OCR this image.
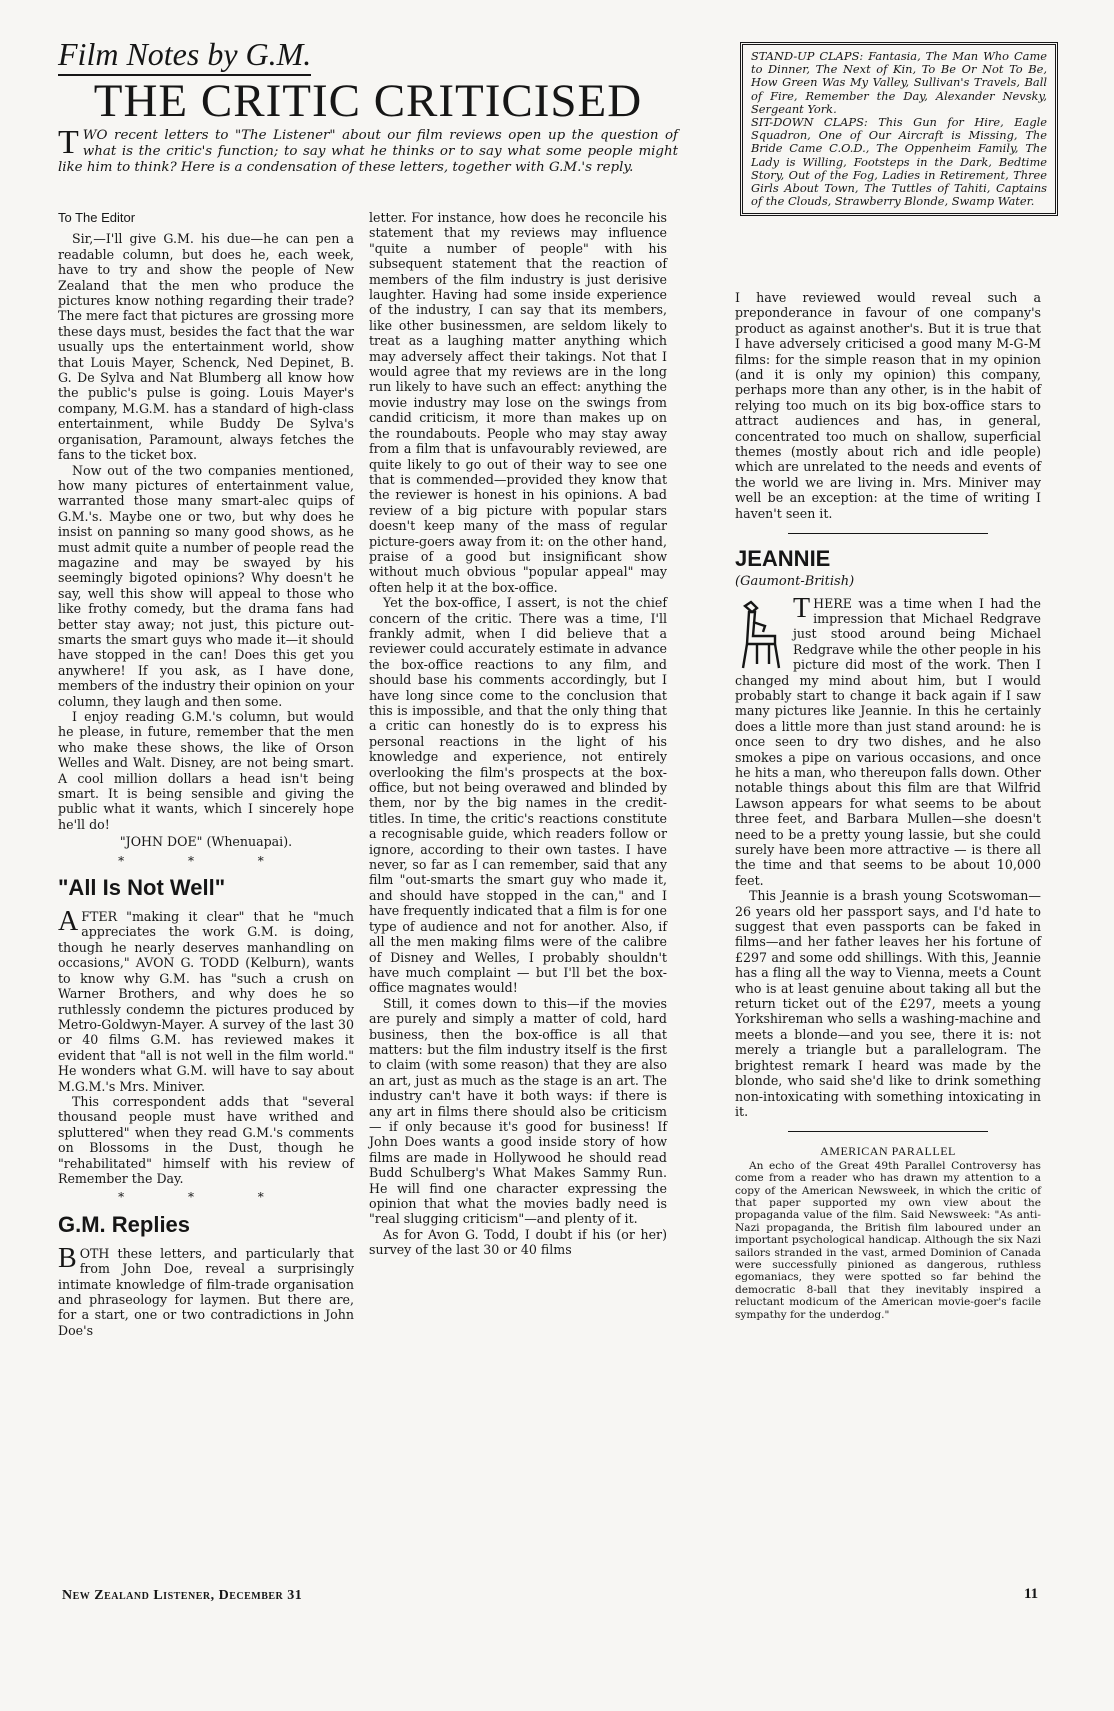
Film Notes by G.M.
THE CRITIC CRITICISED
TWO recent letters to "The Listener" about our film reviews open up the question of what is the critic's function; to say what he thinks or to say what some people might like him to think? Here is a condensation of these letters, together with G.M.'s reply.
To The Editor

Sir,—I'll give G.M. his due—he can pen a readable column, but does he, each week, have to try and show the people of New Zealand that the men who produce the pictures know nothing regarding their trade? The mere fact that pictures are grossing more these days must, besides the fact that the war usually ups the entertainment world, show that Louis Mayer, Schenck, Ned Depinet, B. G. De Sylva and Nat Blumberg all know how the public's pulse is going. Louis Mayer's company, M.G.M. has a standard of high-class entertainment, while Buddy De Sylva's organisation, Paramount, always fetches the fans to the ticket box.

Now out of the two companies mentioned, how many pictures of entertainment value, warranted those many smart-alec quips of G.M.'s. Maybe one or two, but why does he insist on panning so many good shows, as he must admit quite a number of people read the magazine and may be swayed by his seemingly bigoted opinions? Why doesn't he say, well this show will appeal to those who like frothy comedy, but the drama fans had better stay away; not just, this picture out-smarts the smart guys who made it—it should have stopped in the can! Does this get you anywhere! If you ask, as I have done, members of the industry their opinion on your column, they laugh and then some.

I enjoy reading G.M.'s column, but would he please, in future, remember that the men who make these shows, the like of Orson Welles and Walt. Disney, are not being smart. A cool million dollars a head isn't being smart. It is being sensible and giving the public what it wants, which I sincerely hope he'll do!

"JOHN DOE" (Whenuapai).
* * *
"All Is Not Well"

AFTER "making it clear" that he "much appreciates the work G.M. is doing, though he nearly deserves manhandling on occasions," AVON G. TODD (Kelburn), wants to know why G.M. has "such a crush on Warner Brothers, and why does he so ruthlessly condemn the pictures produced by Metro-Goldwyn-Mayer. A survey of the last 30 or 40 films G.M. has reviewed makes it evident that "all is not well in the film world." He wonders what G.M. will have to say about M.G.M.'s Mrs. Miniver.

This correspondent adds that "several thousand people must have writhed and spluttered" when they read G.M.'s comments on Blossoms in the Dust, though he "rehabilitated" himself with his review of Remember the Day.

* * *
G.M. Replies

BOTH these letters, and particularly that from John Doe, reveal a surprisingly intimate knowledge of film-trade organisation and phraseology for laymen. But there are, for a start, one or two contradictions in John Doe's

letter. For instance, how does he reconcile his statement that my reviews may influence "quite a number of people" with his subsequent statement that the reaction of members of the film industry is just derisive laughter. Having had some inside experience of the industry, I can say that its members, like other businessmen, are seldom likely to treat as a laughing matter anything which may adversely affect their takings. Not that I would agree that my reviews are in the long run likely to have such an effect: anything the movie industry may lose on the swings from candid criticism, it more than makes up on the roundabouts. People who may stay away from a film that is unfavourably reviewed, are quite likely to go out of their way to see one that is commended—provided they know that the reviewer is honest in his opinions. A bad review of a big picture with popular stars doesn't keep many of the mass of regular picture-goers away from it: on the other hand, praise of a good but insignificant show without much obvious "popular appeal" may often help it at the box-office.

Yet the box-office, I assert, is not the chief concern of the critic. There was a time, I'll frankly admit, when I did believe that a reviewer could accurately estimate in advance the box-office reactions to any film, and should base his comments accordingly, but I have long since come to the conclusion that this is impossible, and that the only thing that a critic can honestly do is to express his personal reactions in the light of his knowledge and experience, not entirely overlooking the film's prospects at the box-office, but not being overawed and blinded by them, nor by the big names in the credit-titles. In time, the critic's reactions constitute a recognisable guide, which readers follow or ignore, according to their own tastes. I have never, so far as I can remember, said that any film "out-smarts the smart guy who made it, and should have stopped in the can," and I have frequently indicated that a film is for one type of audience and not for another. Also, if all the men making films were of the calibre of Disney and Welles, I probably shouldn't have much complaint — but I'll bet the box-office magnates would!

Still, it comes down to this—if the movies are purely and simply a matter of cold, hard business, then the box-office is all that matters: but the film industry itself is the first to claim (with some reason) that they are also an art, just as much as the stage is an art. The industry can't have it both ways: if there is any art in films there should also be criticism — if only because it's good for business! If John Does wants a good inside story of how films are made in Hollywood he should read Budd Schulberg's What Makes Sammy Run. He will find one character expressing the opinion that what the movies badly need is "real slugging criticism"—and plenty of it.

As for Avon G. Todd, I doubt if his (or her) survey of the last 30 or 40 films

STAND-UP CLAPS: Fantasia, The Man Who Came to Dinner, The Next of Kin, To Be Or Not To Be, How Green Was My Valley, Sullivan's Travels, Ball of Fire, Remember the Day, Alexander Nevsky, Sergeant York.
SIT-DOWN CLAPS: This Gun for Hire, Eagle Squadron, One of Our Aircraft is Missing, The Bride Came C.O.D., The Oppenheim Family, The Lady is Willing, Footsteps in the Dark, Bedtime Story, Out of the Fog, Ladies in Retirement, Three Girls About Town, The Tuttles of Tahiti, Captains of the Clouds, Strawberry Blonde, Swamp Water.

I have reviewed would reveal such a preponderance in favour of one company's product as against another's. But it is true that I have adversely criticised a good many M-G-M films: for the simple reason that in my opinion (and it is only my opinion) this company, perhaps more than any other, is in the habit of relying too much on its big box-office stars to attract audiences and has, in general, concentrated too much on shallow, superficial themes (mostly about rich and idle people) which are unrelated to the needs and events of the world we are living in. Mrs. Miniver may well be an exception: at the time of writing I haven't seen it.

JEANNIE
(Gaumont-British)

THERE was a time when I had the impression that Michael Redgrave just stood around being Michael Redgrave while the other people in his picture did most of the work. Then I changed my mind about him, but I would probably start to change it back again if I saw many pictures like Jeannie. In this he certainly does a little more than just stand around: he is once seen to dry two dishes, and he also smokes a pipe on various occasions, and once he hits a man, who thereupon falls down. Other notable things about this film are that Wilfrid Lawson appears for what seems to be about three feet, and Barbara Mullen—she doesn't need to be a pretty young lassie, but she could surely have been more attractive — is there all the time and that seems to be about 10,000 feet.

This Jeannie is a brash young Scotswoman—26 years old her passport says, and I'd hate to suggest that even passports can be faked in films—and her father leaves her his fortune of £297 and some odd shillings. With this, Jeannie has a fling all the way to Vienna, meets a Count who is at least genuine about taking all but the return ticket out of the £297, meets a young Yorkshireman who sells a washing-machine and meets a blonde—and you see, there it is: not merely a triangle but a parallelogram. The brightest remark I heard was made by the blonde, who said she'd like to drink something non-intoxicating with something intoxicating in it.

AMERICAN PARALLEL
An echo of the Great 49th Parallel Controversy has come from a reader who has drawn my attention to a copy of the American Newsweek, in which the critic of that paper supported my own view about the propaganda value of the film. Said Newsweek: "As anti-Nazi propaganda, the British film laboured under an important psychological handicap. Although the six Nazi sailors stranded in the vast, armed Dominion of Canada were successfully pinioned as dangerous, ruthless egomaniacs, they were spotted so far behind the democratic 8-ball that they inevitably inspired a reluctant modicum of the American movie-goer's facile sympathy for the underdog."
New Zealand Listener, December 31	11
